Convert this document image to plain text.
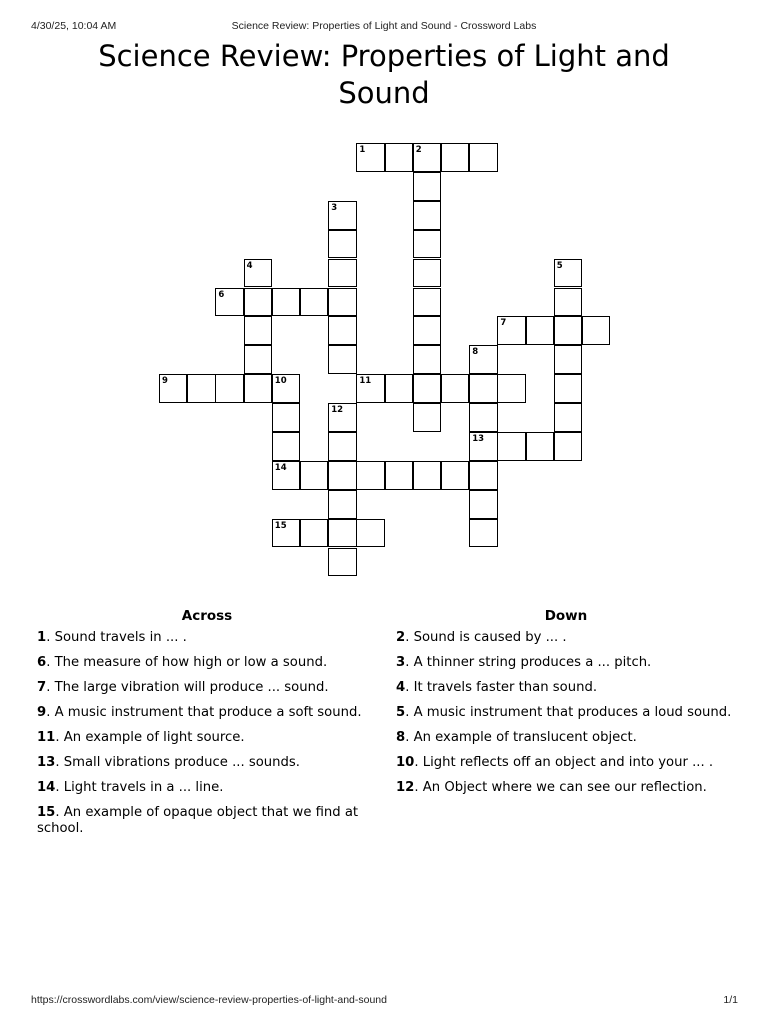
4/30/25, 10:04 AM	Science Review: Properties of Light and Sound - Crossword Labs
Science Review: Properties of Light and Sound
1	2
3
4	5
6
7
8
9	10	11
12
13
14
15
Across
1. Sound travels in ... .
6. The measure of how high or low a sound.
7. The large vibration will produce ... sound.
9. A music instrument that produce a soft sound.
11. An example of light source.
13. Small vibrations produce ... sounds.
14. Light travels in a ... line.
15. An example of opaque object that we find at school.
Down
2. Sound is caused by ... .
3. A thinner string produces a ... pitch.
4. It travels faster than sound.
5. A music instrument that produces a loud sound.
8. An example of translucent object.
10. Light reflects off an object and into your ... .
12. An Object where we can see our reflection.
https://crosswordlabs.com/view/science-review-properties-of-light-and-sound	1/1
